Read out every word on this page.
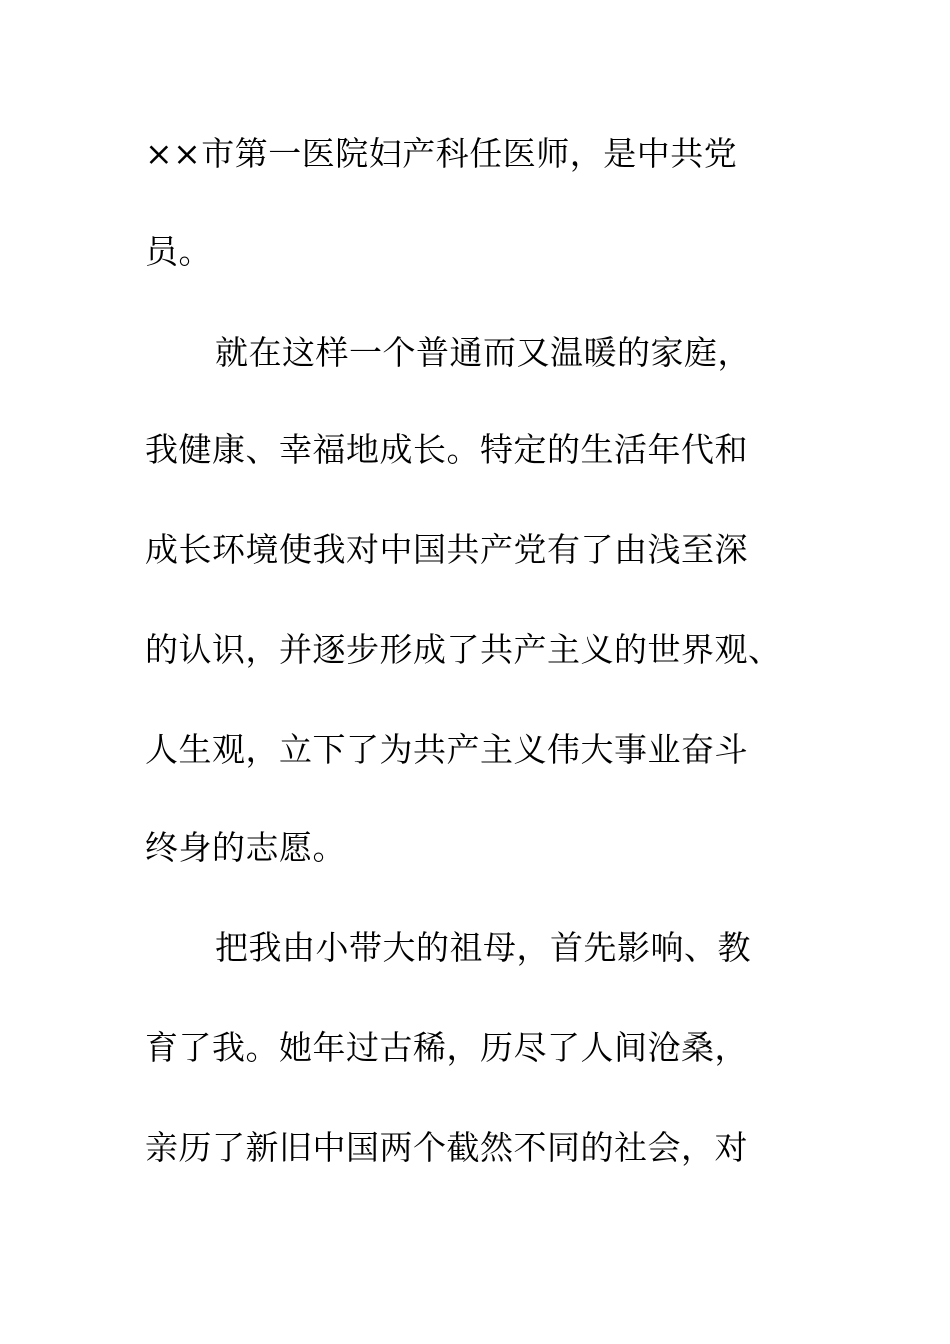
××市第一医院妇产科任医师，是中共党
员。
就在这样一个普通而又温暖的家庭，
我健康、幸福地成长。特定的生活年代和
成长环境使我对中国共产党有了由浅至深
的认识，并逐步形成了共产主义的世界观、
人生观，立下了为共产主义伟大事业奋斗
终身的志愿。
把我由小带大的祖母，首先影响、教
育了我。她年过古稀，历尽了人间沧桑，
亲历了新旧中国两个截然不同的社会，对
